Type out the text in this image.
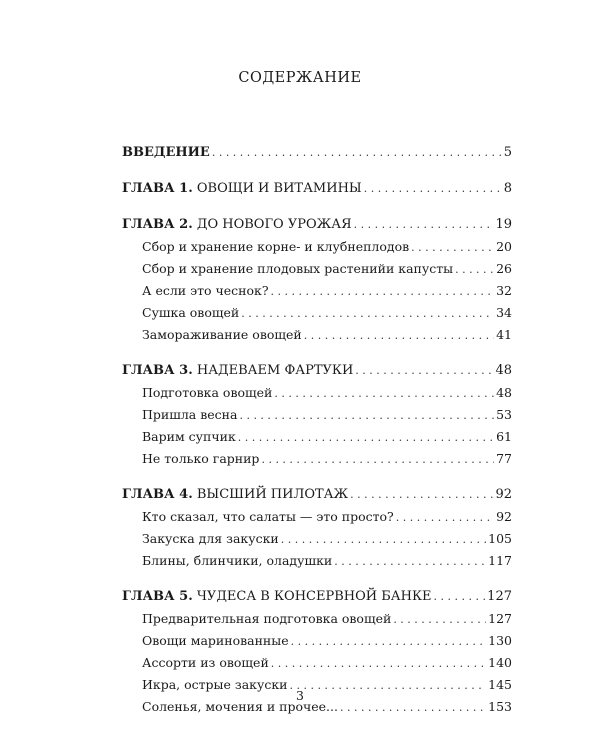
СОДЕРЖАНИЕ
ВВЕДЕНИЕ . . .	5
ГЛАВА 1. ОВОЩИ И ВИТАМИНЫ . . .	8
ГЛАВА 2. ДО НОВОГО УРОЖАЯ . . .	19
Сбор и хранение корне- и клубнеплодов . . .	20
Сбор и хранение плодовых растенийи капусты . . .	26
А если это чеснок? . . .	32
Сушка овощей . . .	34
Замораживание овощей . . .	41
ГЛАВА 3. НАДЕВАЕМ ФАРТУКИ . . .	48
Подготовка овощей . . .	48
Пришла весна . . .	53
Варим супчик . . .	61
Не только гарнир . . .	77
ГЛАВА 4. ВЫСШИЙ ПИЛОТАЖ . . .	92
Кто сказал, что салаты — это просто? . . .	92
Закуска для закуски . . .	105
Блины, блинчики, оладушки . . .	117
ГЛАВА 5. ЧУДЕСА В КОНСЕРВНОЙ БАНКЕ . . .	127
Предварительная подготовка овощей . . .	127
Овощи маринованные . . .	130
Ассорти из овощей . . .	140
Икра, острые закуски . . .	145
Соленья, мочения и прочее... . . .	153
3
